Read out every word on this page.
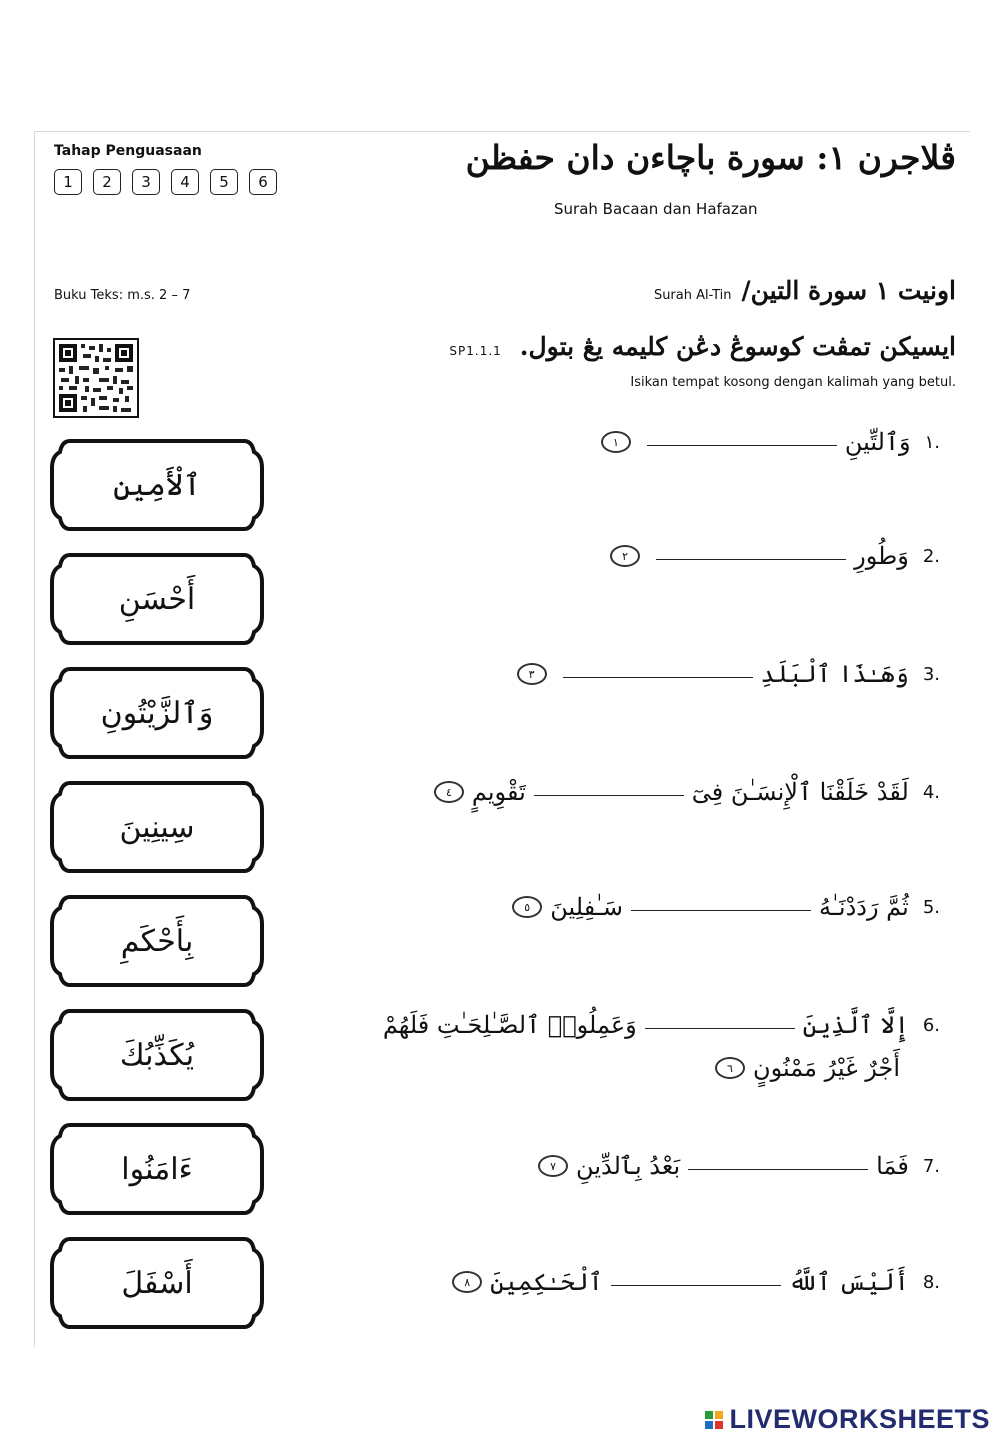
Tahap Penguasaan
1	2	3	4	5	6
ڤلاجرن ١: سورة باچاءن دان حفظن
Surah Bacaan dan Hafazan
Buku Teks: m.s. 2 – 7	Surah Al-Tin اونيت ١ سورة التين/
SP1.1.1 ايسيکن تمڤت کوسوڠ دڠن کليمه يڠ بتول.
Isikan tempat kosong dengan kalimah yang betul.
ٱلْأَمِينِ
أَحْسَنِ
وَٱلزَّيْتُونِ
سِينِينَ
بِأَحْكَمِ
يُكَذِّبُكَ
ءَامَنُوا
أَسْفَلَ
١.
وَٱلتِّينِ
١
2.
وَطُورِ
٢
3.
وَهَـٰذَا ٱلْبَلَدِ
٣
4.
لَقَدْ خَلَقْنَا ٱلْإِنسَـٰنَ فِىٓ
تَقْوِيمٍ
٤
5.
ثُمَّ رَدَدْنَـٰهُ
سَـٰفِلِينَ
٥
6.
إِلَّا ٱلَّذِينَ
وَعَمِلُوا۟ ٱلصَّـٰلِحَـٰتِ فَلَهُمْ
أَجْرٌ غَيْرُ مَمْنُونٍ
٦
7.
فَمَا
بَعْدُ بِٱلدِّينِ
٧
8.
أَلَيْسَ ٱللَّهُ
ٱلْحَـٰكِمِينَ
٨
LIVEWORKSHEETS
